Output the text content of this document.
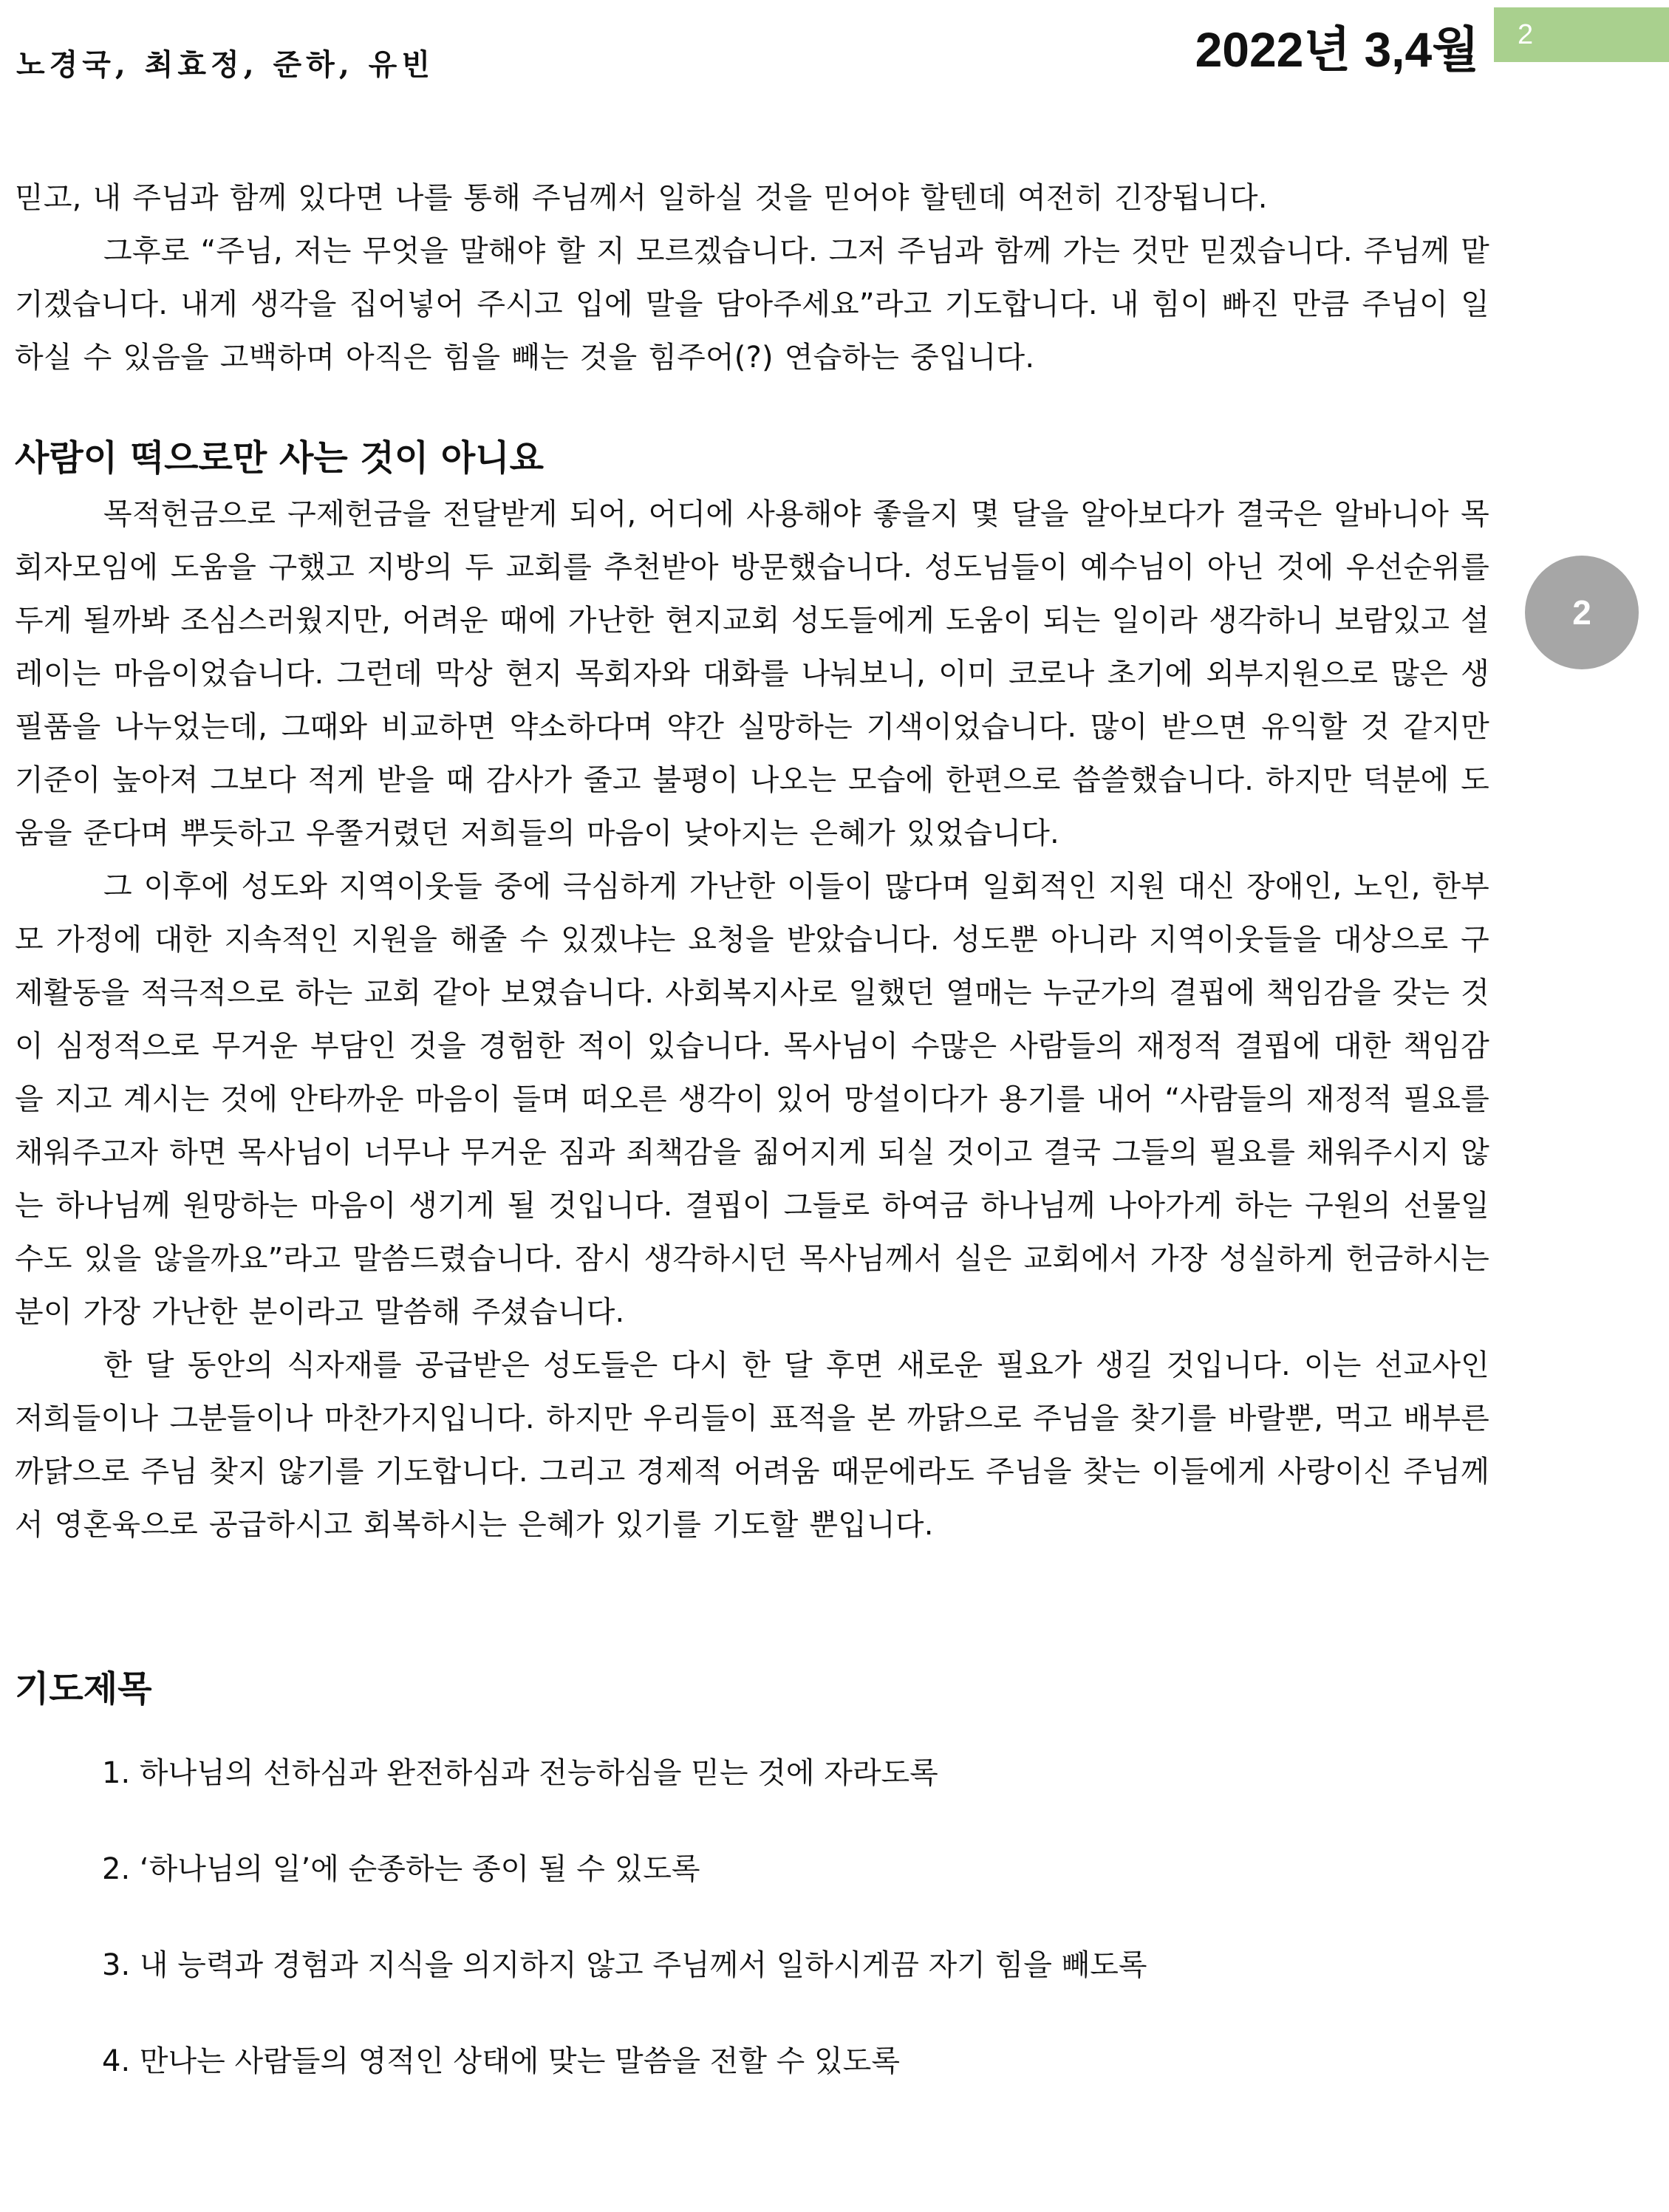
노경국, 최효정, 준하, 유빈	2022년 3,4월	2
2

믿고, 내 주님과 함께 있다면 나를 통해 주님께서 일하실 것을 믿어야 할텐데 여전히 긴장됩니다.

그후로 “주님, 저는 무엇을 말해야 할 지 모르겠습니다. 그저 주님과 함께 가는 것만 믿겠습니다. 주님께 맡기겠습니다. 내게 생각을 집어넣어 주시고 입에 말을 담아주세요”라고 기도합니다. 내 힘이 빠진 만큼 주님이 일하실 수 있음을 고백하며 아직은 힘을 빼는 것을 힘주어(?) 연습하는 중입니다.

사람이 떡으로만 사는 것이 아니요

목적헌금으로 구제헌금을 전달받게 되어, 어디에 사용해야 좋을지 몇 달을 알아보다가 결국은 알바니아 목회자모임에 도움을 구했고 지방의 두 교회를 추천받아 방문했습니다. 성도님들이 예수님이 아닌 것에 우선순위를 두게 될까봐 조심스러웠지만, 어려운 때에 가난한 현지교회 성도들에게 도움이 되는 일이라 생각하니 보람있고 설레이는 마음이었습니다. 그런데 막상 현지 목회자와 대화를 나눠보니, 이미 코로나 초기에 외부지원으로 많은 생필품을 나누었는데, 그때와 비교하면 약소하다며 약간 실망하는 기색이었습니다. 많이 받으면 유익할 것 같지만 기준이 높아져 그보다 적게 받을 때 감사가 줄고 불평이 나오는 모습에 한편으로 씁쓸했습니다. 하지만 덕분에 도움을 준다며 뿌듯하고 우쭐거렸던 저희들의 마음이 낮아지는 은혜가 있었습니다.

그 이후에 성도와 지역이웃들 중에 극심하게 가난한 이들이 많다며 일회적인 지원 대신 장애인, 노인, 한부모 가정에 대한 지속적인 지원을 해줄 수 있겠냐는 요청을 받았습니다. 성도뿐 아니라 지역이웃들을 대상으로 구제활동을 적극적으로 하는 교회 같아 보였습니다. 사회복지사로 일했던 열매는 누군가의 결핍에 책임감을 갖는 것이 심정적으로 무거운 부담인 것을 경험한 적이 있습니다. 목사님이 수많은 사람들의 재정적 결핍에 대한 책임감을 지고 계시는 것에 안타까운 마음이 들며 떠오른 생각이 있어 망설이다가 용기를 내어 “사람들의 재정적 필요를 채워주고자 하면 목사님이 너무나 무거운 짐과 죄책감을 짊어지게 되실 것이고 결국 그들의 필요를 채워주시지 않는 하나님께 원망하는 마음이 생기게 될 것입니다. 결핍이 그들로 하여금 하나님께 나아가게 하는 구원의 선물일 수도 있을 않을까요”라고 말씀드렸습니다. 잠시 생각하시던 목사님께서 실은 교회에서 가장 성실하게 헌금하시는 분이 가장 가난한 분이라고 말씀해 주셨습니다.

한 달 동안의 식자재를 공급받은 성도들은 다시 한 달 후면 새로운 필요가 생길 것입니다. 이는 선교사인 저희들이나 그분들이나 마찬가지입니다. 하지만 우리들이 표적을 본 까닭으로 주님을 찾기를 바랄뿐, 먹고 배부른 까닭으로 주님 찾지 않기를 기도합니다. 그리고 경제적 어려움 때문에라도 주님을 찾는 이들에게 사랑이신 주님께서 영혼육으로 공급하시고 회복하시는 은혜가 있기를 기도할 뿐입니다.

기도제목
1. 하나님의 선하심과 완전하심과 전능하심을 믿는 것에 자라도록
2. ‘하나님의 일’에 순종하는 종이 될 수 있도록
3. 내 능력과 경험과 지식을 의지하지 않고 주님께서 일하시게끔 자기 힘을 빼도록
4. 만나는 사람들의 영적인 상태에 맞는 말씀을 전할 수 있도록
